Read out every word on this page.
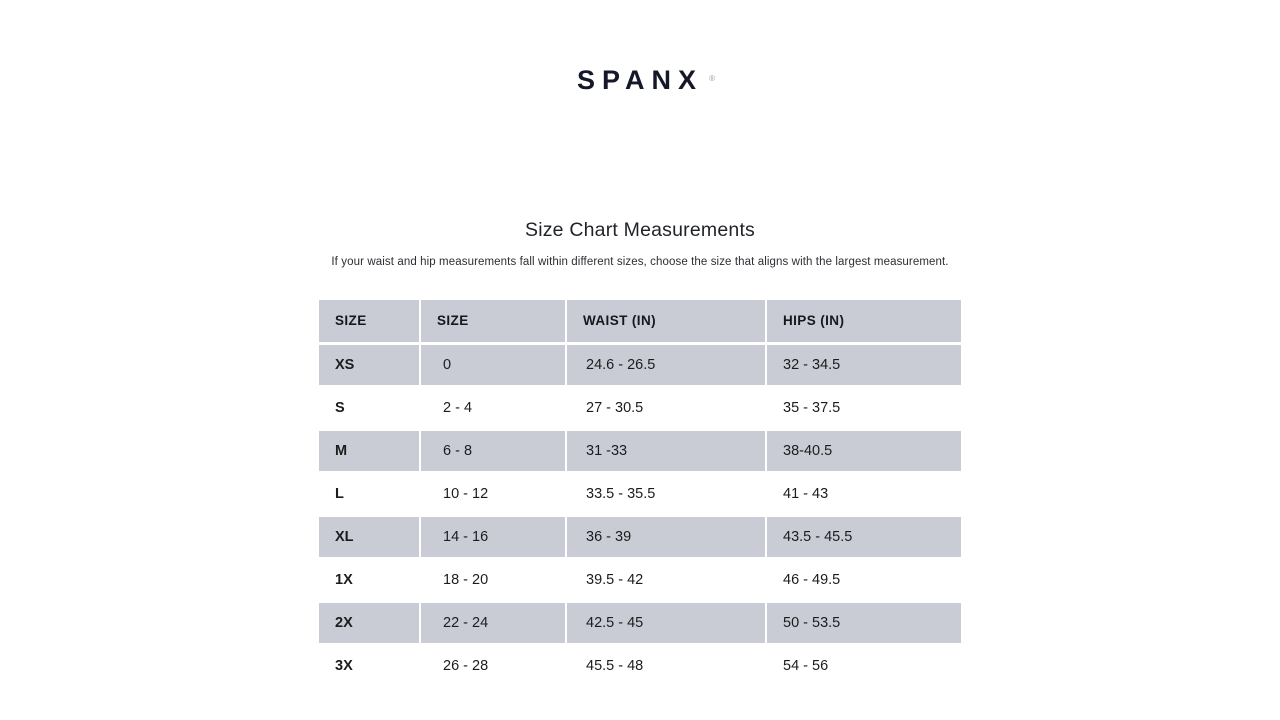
SPANX ®
Size Chart Measurements

If your waist and hip measurements fall within different sizes, choose the size that aligns with the largest measurement.

SIZE	SIZE	WAIST (IN)	HIPS (IN)
XS	0	24.6 - 26.5	32 - 34.5
S	2 - 4	27 - 30.5	35 - 37.5
M	6 - 8	31 -33	38-40.5
L	10 - 12	33.5 - 35.5	41 - 43
XL	14 - 16	36 - 39	43.5 - 45.5
1X	18 - 20	39.5 - 42	46 - 49.5
2X	22 - 24	42.5 - 45	50 - 53.5
3X	26 - 28	45.5 - 48	54 - 56
